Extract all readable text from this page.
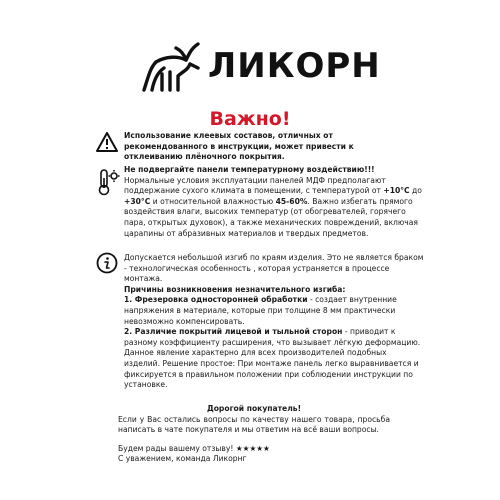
ЛИКОРН
Важно!
Использование клеевых составов, отличных от рекомендованного в инструкции, может привести к отклеиванию плёночного покрытия.
Не подвергайте панели температурному воздействию!!!
Нормальные условия эксплуатации панелей МДФ предполагают поддержание сухого климата в помещении, с температурой от +10°C до +30°C и относительной влажностью 45-60%. Важно избегать прямого воздействия влаги, высоких температур (от обогревателей, горячего пара, открытых духовок), а также механических повреждений, включая царапины от абразивных материалов и твердых предметов.
Допускается небольшой изгиб по краям изделия. Это не является браком - технологическая особенность , которая устраняется в процессе монтажа.
Причины возникновения незначительного изгиба:
1. Фрезеровка односторонней обработки - создает внутренние напряжения в материале, которые при толщине 8 мм практически невозможно компенсировать.
2. Различие покрытий лицевой и тыльной сторон - приводит к разному коэффициенту расширения, что вызывает лёгкую деформацию. Данное явление характерно для всех производителей подобных изделий. Решение простое: При монтаже панель легко выравнивается и фиксируется в правильном положении при соблюдении инструкции по установке.
Дорогой покупатель!
Если у Вас остались вопросы по качеству нашего товара, просьба написать в чате покупателя и мы ответим на всё ваши вопросы.
Будем рады вашему отзыву! ★★★★★
С уважением, команда Ликорнг
